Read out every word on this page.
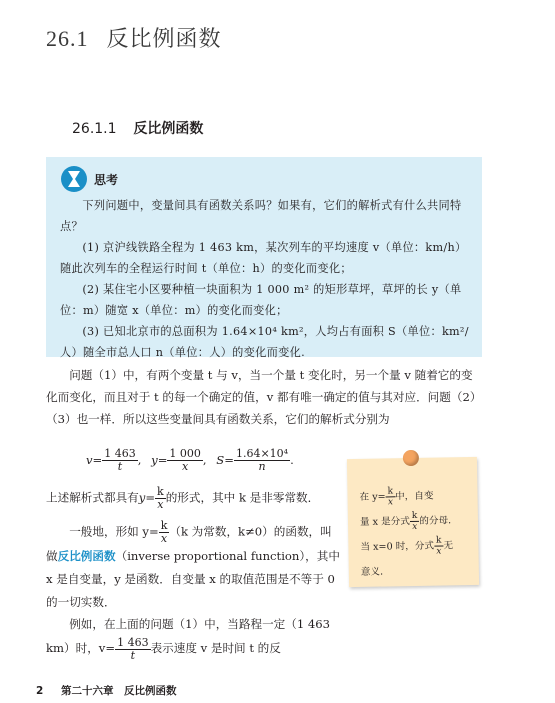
26.1 反比例函数
26.1.1 反比例函数
思考

下列问题中，变量间具有函数关系吗？如果有，它们的解析式有什么共同特点？

(1) 京沪线铁路全程为 1 463 km，某次列车的平均速度 v（单位：km/h）随此次列车的全程运行时间 t（单位：h）的变化而变化；

(2) 某住宅小区要种植一块面积为 1 000 m² 的矩形草坪，草坪的长 y（单位：m）随宽 x（单位：m）的变化而变化；

(3) 已知北京市的总面积为 1.64×10⁴ km²，人均占有面积 S（单位：km²/人）随全市总人口 n（单位：人）的变化而变化.

问题（1）中，有两个变量 t 与 v，当一个量 t 变化时，另一个量 v 随着它的变化而变化，而且对于 t 的每一个确定的值，v 都有唯一确定的值与其对应．问题（2）（3）也一样．所以这些变量间具有函数关系，它们的解析式分别为

$v= \frac{1 463}{t}$ , $y= \frac{1 000}{x}$ , $S= \frac{\text{1.64×10⁴}}{n}$ .
上述解析式都具有$y= \frac{k}{x}$ 的形式，其中 k 是非零常数．
一般地，形如 $y= \frac{k}{x} (k$ 为常数，k≠0）的函数，叫做反比例函数（inverse proportional function），其中 x 是自变量，y 是函数．自变量 x 的取值范围是不等于 0 的一切实数．
例如，在上面的问题（1）中，当路程一定（1 463 km）时，$v= \frac{1 463}{t}$ 表示速度 v 是时间 t 的反

在 $y= \frac{k}{x}$ 中，自变
量 x 是分式 $\frac{k}{x}$ 的分母．
当 x=0 时，分式 $\frac{k}{x}$ 无
意义．

2 第二十六章　反比例函数
